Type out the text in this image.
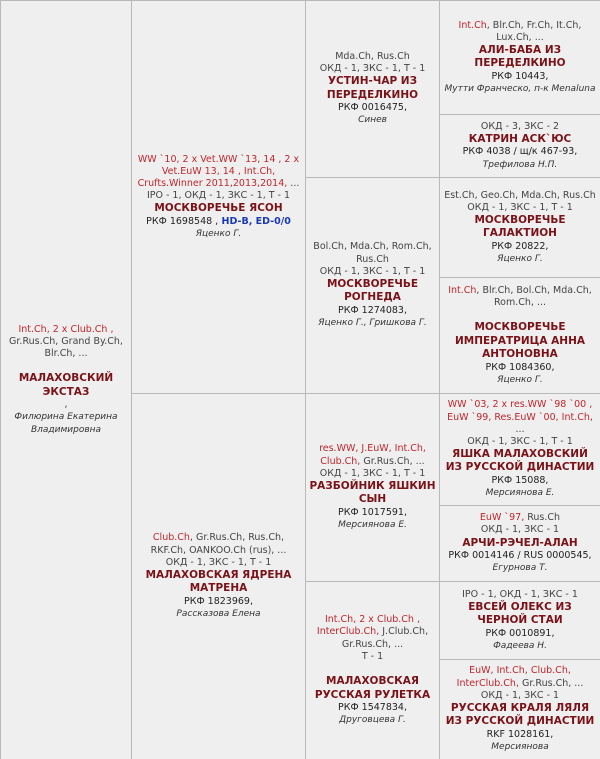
Int.Ch, 2 x Club.Ch ,
Gr.Rus.Ch, Grand By.Ch, Blr.Ch, ...

МАЛАХОВСКИЙ ЭКСТАЗ
,
Филюрина Екатерина Владимировна	WW `10, 2 x Vet.WW `13, 14 , 2 x Vet.EuW 13, 14 , Int.Ch, Crufts.Winner 2011,2013,2014, ...
IPO - 1, ОКД - 1, ЗКС - 1, Т - 1

МОСКВОРЕЧЬЕ ЯСОН
РКФ 1698548 , HD-B, ED-0/0
Яценко Г.	Mda.Ch, Rus.Ch
ОКД - 1, ЗКС - 1, Т - 1

УСТИН-ЧАР ИЗ ПЕРЕДЕЛКИНО
РКФ 0016475,
Синев	Int.Ch, Blr.Ch, Fr.Ch, It.Ch, Lux.Ch, ...

АЛИ-БАБА ИЗ ПЕРЕДЕЛКИНО
РКФ 10443,
Мутти Франческо, п-к Menaluna
			ОКД - 3, ЗКС - 2

КАТРИН АСК`ЮС
РКФ 4038 / щ/к 467-93,
Трефилова Н.П.
		Bol.Ch, Mda.Ch, Rom.Ch, Rus.Ch
ОКД - 1, ЗКС - 1, Т - 1

МОСКВОРЕЧЬЕ РОГНЕДА
РКФ 1274083,
Яценко Г., Гришкова Г.	Est.Ch, Geo.Ch, Mda.Ch, Rus.Ch
ОКД - 1, ЗКС - 1, Т - 1

МОСКВОРЕЧЬЕ ГАЛАКТИОН
РКФ 20822,
Яценко Г.
			Int.Ch, Blr.Ch, Bol.Ch, Mda.Ch, Rom.Ch, ...

МОСКВОРЕЧЬЕ ИМПЕРАТРИЦА АННА АНТОНОВНА
РКФ 1084360,
Яценко Г.
	Club.Ch, Gr.Rus.Ch, Rus.Ch, RKF.Ch, OANKOO.Ch (rus), ...
ОКД - 1, ЗКС - 1, Т - 1

МАЛАХОВСКАЯ ЯДРЕНА МАТРЕНА
РКФ 1823969,
Рассказова Елена	res.WW, J.EuW, Int.Ch, Club.Ch, Gr.Rus.Ch, ...
ОКД - 1, ЗКС - 1, Т - 1

РАЗБОЙНИК ЯШКИН СЫН
РКФ 1017591,
Мерсиянова Е.	WW `03, 2 x res.WW `98 `00 , EuW `99, Res.EuW `00, Int.Ch, ...
ОКД - 1, ЗКС - 1, Т - 1

ЯШКА МАЛАХОВСКИЙ ИЗ РУССКОЙ ДИНАСТИИ
РКФ 15088,
Мерсиянова Е.
			EuW `97, Rus.Ch
ОКД - 1, ЗКС - 1

АРЧИ-РЭЧЕЛ-АЛАН
РКФ 0014146 / RUS 0000545,
Егурнова Т.
		Int.Ch, 2 x Club.Ch , InterClub.Ch, J.Club.Ch, Gr.Rus.Ch, ...
Т - 1

МАЛАХОВСКАЯ РУССКАЯ РУЛЕТКА
РКФ 1547834,
Друговцева Г.	IPO - 1, ОКД - 1, ЗКС - 1

ЕВСЕЙ ОЛЕКС ИЗ ЧЕРНОЙ СТАИ
РКФ 0010891,
Фадеева Н.
			EuW, Int.Ch, Club.Ch, InterClub.Ch, Gr.Rus.Ch, ...
ОКД - 1, ЗКС - 1

РУССКАЯ КРАЛЯ ЛЯЛЯ ИЗ РУССКОЙ ДИНАСТИИ
RKF 1028161,
Мерсиянова
